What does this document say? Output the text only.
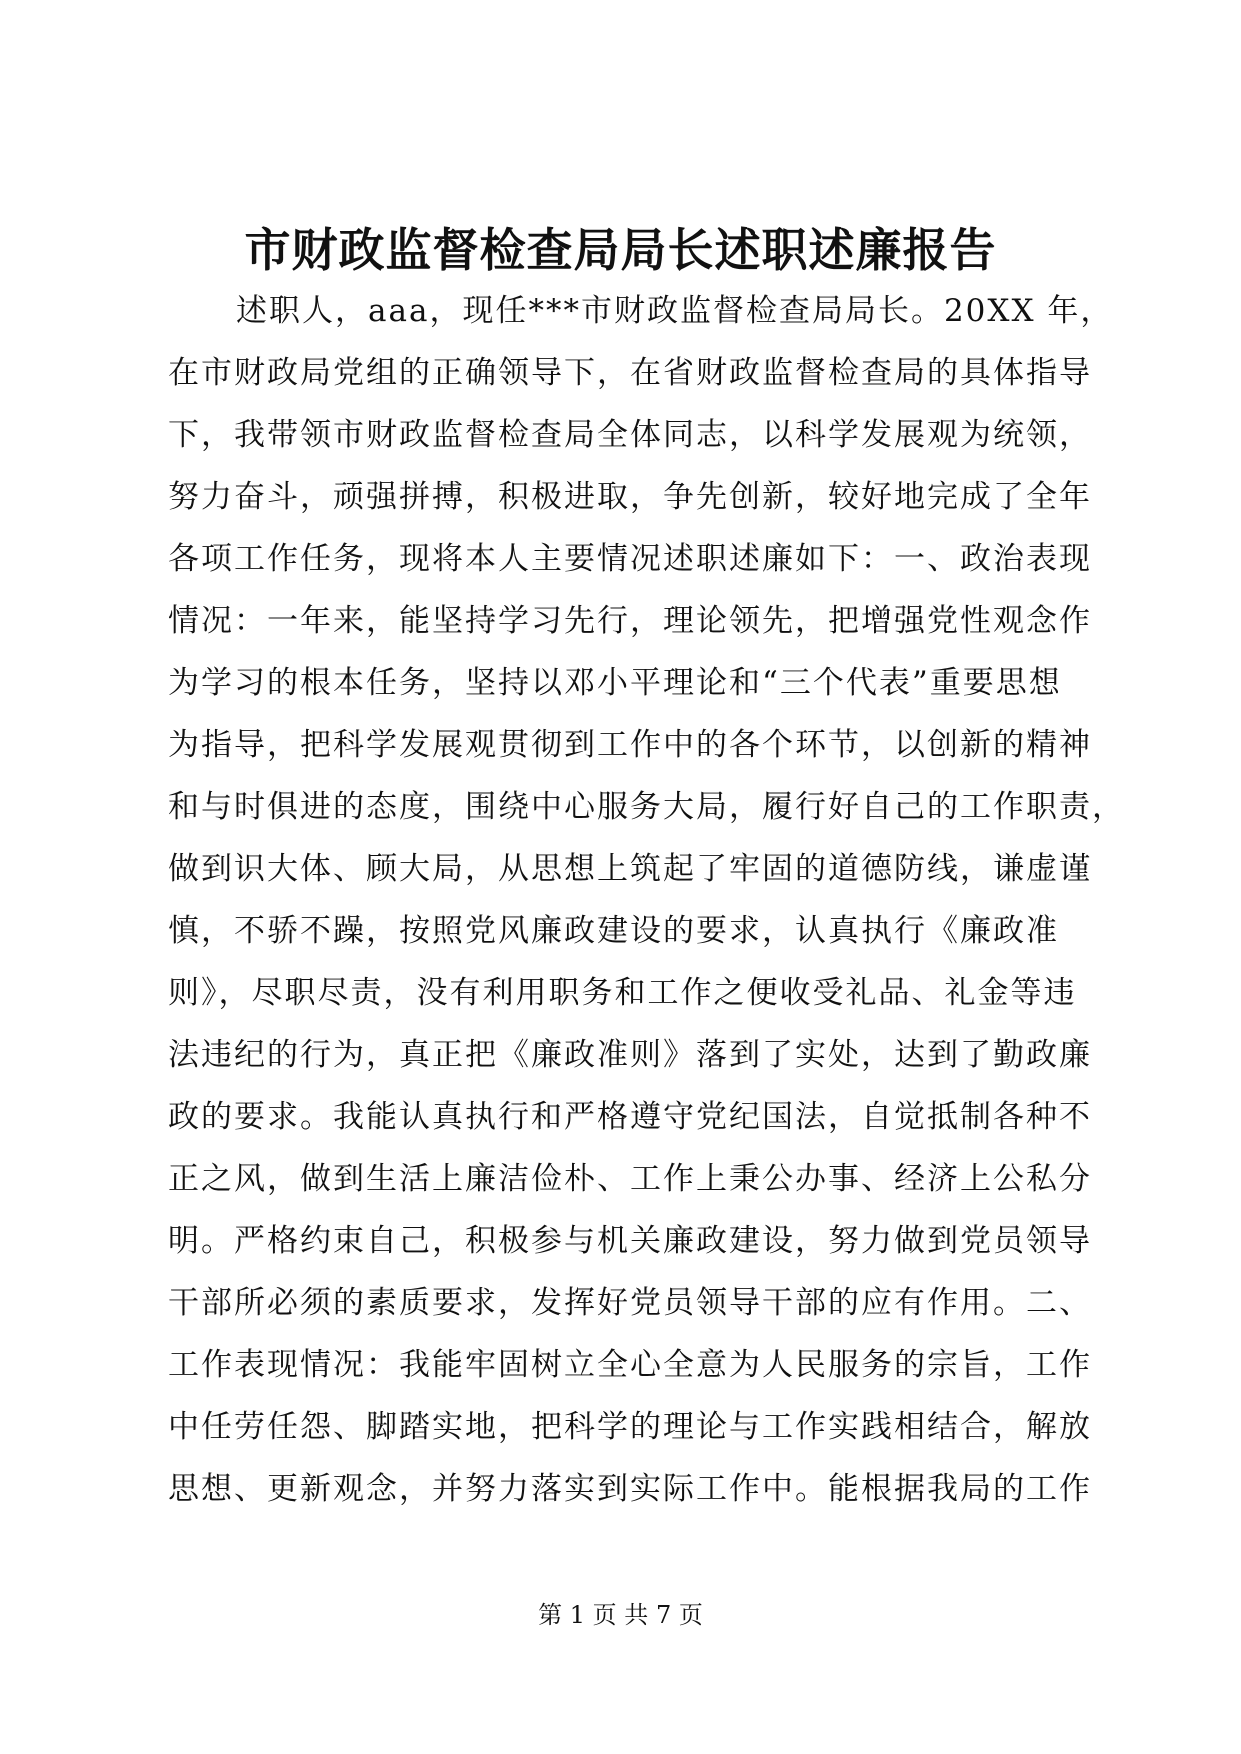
市财政监督检查局局长述职述廉报告
述职人，aaa，现任***市财政监督检查局局长。20XX 年，
在市财政局党组的正确领导下，在省财政监督检查局的具体指导
下，我带领市财政监督检查局全体同志，以科学发展观为统领，
努力奋斗，顽强拼搏，积极进取，争先创新，较好地完成了全年
各项工作任务，现将本人主要情况述职述廉如下：一、政治表现
情况：一年来，能坚持学习先行，理论领先，把增强党性观念作
为学习的根本任务，坚持以邓小平理论和“三个代表”重要思想
为指导，把科学发展观贯彻到工作中的各个环节，以创新的精神
和与时俱进的态度，围绕中心服务大局，履行好自己的工作职责，
做到识大体、顾大局，从思想上筑起了牢固的道德防线，谦虚谨
慎，不骄不躁，按照党风廉政建设的要求，认真执行《廉政准
则》，尽职尽责，没有利用职务和工作之便收受礼品、礼金等违
法违纪的行为，真正把《廉政准则》落到了实处，达到了勤政廉
政的要求。我能认真执行和严格遵守党纪国法，自觉抵制各种不
正之风，做到生活上廉洁俭朴、工作上秉公办事、经济上公私分
明。严格约束自己，积极参与机关廉政建设，努力做到党员领导
干部所必须的素质要求，发挥好党员领导干部的应有作用。二、
工作表现情况：我能牢固树立全心全意为人民服务的宗旨，工作
中任劳任怨、脚踏实地，把科学的理论与工作实践相结合，解放
思想、更新观念，并努力落实到实际工作中。能根据我局的工作
第 1 页 共 7 页
